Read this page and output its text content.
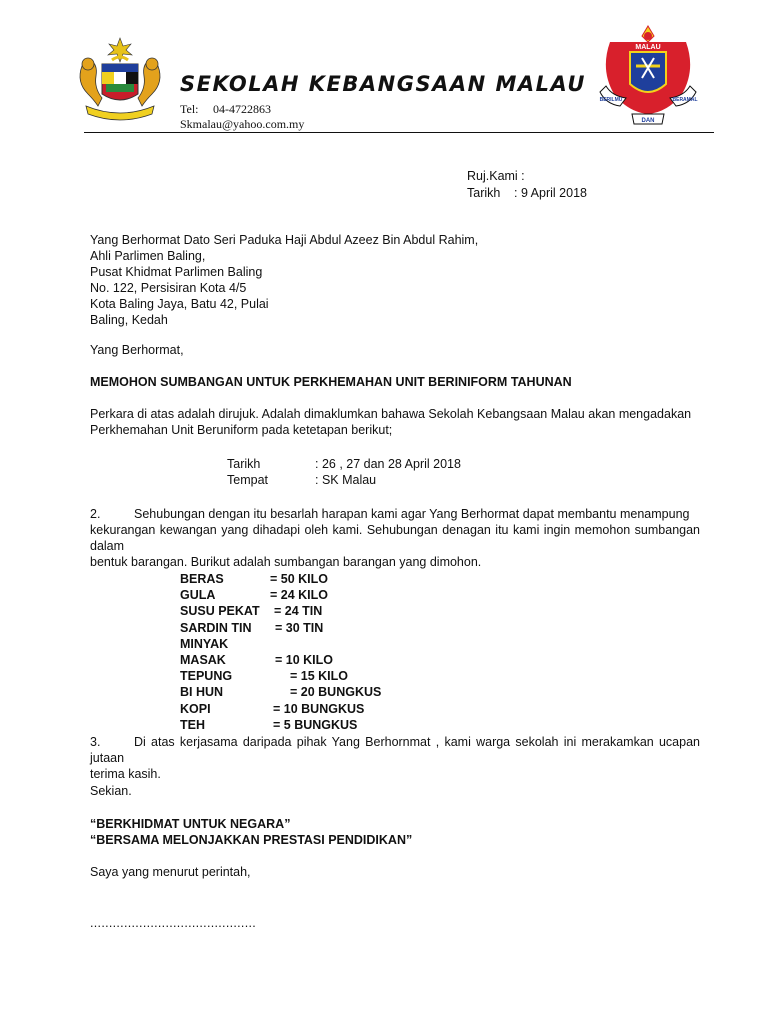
MALAU
BERILMU	BERAMAL
DAN
SEKOLAH KEBANGSAAN MALAU
Tel: 04-4722863
Skmalau@yahoo.com.my
Ruj.Kami :
Tarikh : 9 April 2018
Yang Berhormat Dato Seri Paduka Haji Abdul Azeez Bin Abdul Rahim,
Ahli Parlimen Baling,
Pusat Khidmat Parlimen Baling
No. 122, Persisiran Kota 4/5
Kota Baling Jaya, Batu 42, Pulai
Baling, Kedah
Yang Berhormat,
MEMOHON SUMBANGAN UNTUK PERKHEMAHAN UNIT BERINIFORM TAHUNAN
Perkara di atas adalah dirujuk. Adalah dimaklumkan bahawa Sekolah Kebangsaan Malau akan mengadakan
Perkhemahan Unit Beruniform pada ketetapan berikut;
Tarikh	: 26 , 27 dan 28 April 2018
Tempat	: SK Malau
2.	Sehubungan dengan itu besarlah harapan kami agar Yang Berhormat dapat membantu menampung
kekurangan kewangan yang dihadapi oleh kami. Sehubungan denagan itu kami ingin memohon sumbangan dalam
bentuk barangan. Burikut adalah sumbangan barangan yang dimohon.
BERAS	= 50 KILO
GULA	= 24 KILO
SUSU PEKAT = 24 TIN
SARDIN TIN = 30 TIN
MINYAK MASAK	= 10 KILO
TEPUNG	= 15 KILO
BI HUN	= 20 BUNGKUS
KOPI	= 10 BUNGKUS
TEH	= 5 BUNGKUS
3.	Di atas kerjasama daripada pihak Yang Berhornmat , kami warga sekolah ini merakamkan ucapan jutaan
terima kasih.
Sekian.
“BERKHIDMAT UNTUK NEGARA”
“BERSAMA MELONJAKKAN PRESTASI PENDIDIKAN”
Saya yang menurut perintah,
............................................
